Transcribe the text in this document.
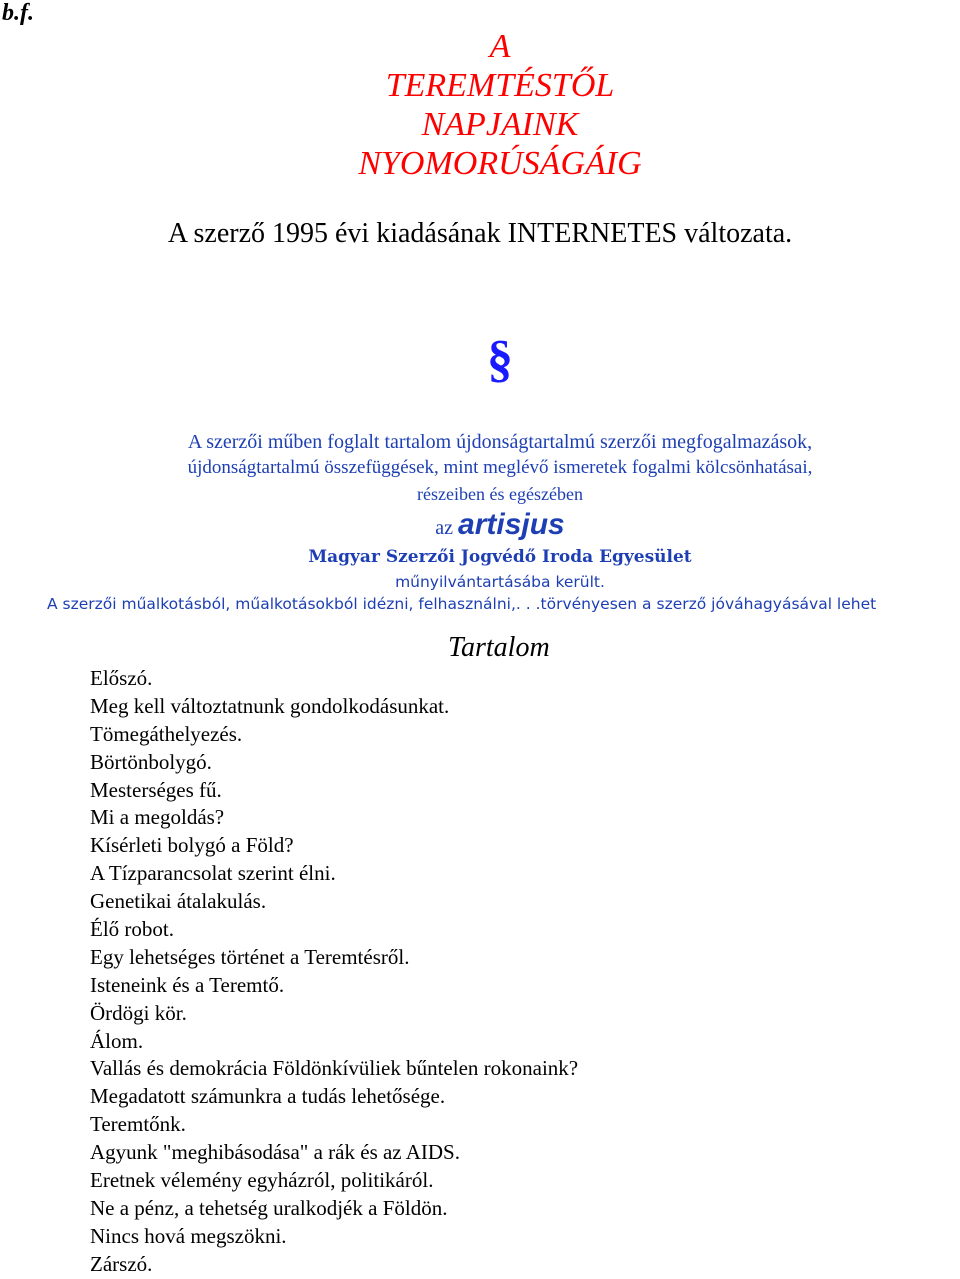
b.f.
A
TEREMTÉSTŐL
NAPJAINK
NYOMORÚSÁGÁIG
A szerző 1995 évi kiadásának INTERNETES változata.
§
A szerzői műben foglalt tartalom újdonságtartalmú szerzői megfogalmazások,
újdonságtartalmú összefüggések, mint meglévő ismeretek fogalmi kölcsönhatásai,
részeiben és egészében
az artisjus
Magyar Szerzői Jogvédő Iroda Egyesület
műnyilvántartásába került.
A szerzői műalkotásból, műalkotásokból idézni, felhasználni,. . .törvényesen a szerző jóváhagyásával lehet
Tartalom
Előszó.
Meg kell változtatnunk gondolkodásunkat.
Tömegáthelyezés.
Börtönbolygó.
Mesterséges fű.
Mi a megoldás?
Kísérleti bolygó a Föld?
A Tízparancsolat szerint élni.
Genetikai átalakulás.
Élő robot.
Egy lehetséges történet a Teremtésről.
Isteneink és a Teremtő.
Ördögi kör.
Álom.
Vallás és demokrácia Földönkívüliek bűntelen rokonaink?
Megadatott számunkra a tudás lehetősége.
Teremtőnk.
Agyunk "meghibásodása" a rák és az AIDS.
Eretnek vélemény egyházról, politikáról.
Ne a pénz, a tehetség uralkodjék a Földön.
Nincs hová megszökni.
Zárszó.
